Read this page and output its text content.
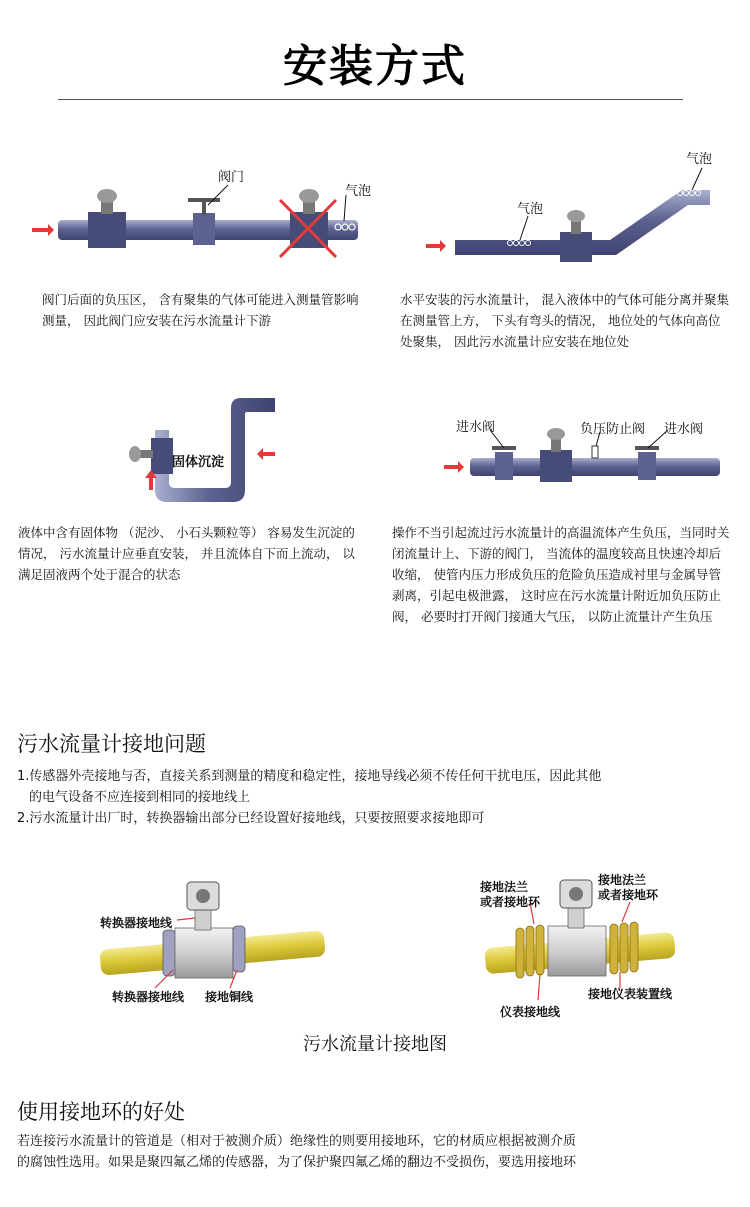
安装方式
阀门
气泡
阀门后面的负压区， 含有聚集的气体可能进入测量管影响测量， 因此阀门应安装在污水流量计下游
气泡
气泡
水平安装的污水流量计， 混入液体中的气体可能分离并聚集在测量管上方， 下头有弯头的情况， 地位处的气体向高位处聚集， 因此污水流量计应安装在地位处
固体沉淀
液体中含有固体物 （泥沙、 小石头颗粒等） 容易发生沉淀的情况， 污水流量计应垂直安装， 并且流体自下而上流动， 以满足固液两个处于混合的状态
进水阀	负压防止阀 进水阀
操作不当引起流过污水流量计的高温流体产生负压，当同时关闭流量计上、下游的阀门， 当流体的温度较高且快速冷却后收缩， 使管内压力形成负压的危险负压造成衬里与金属导管剥离，引起电极泄露， 这时应在污水流量计附近加负压防止阀， 必要时打开阀门接通大气压， 以防止流量计产生负压
污水流量计接地问题
1.传感器外壳接地与否，直接关系到测量的精度和稳定性，接地导线必须不传任何干扰电压，因此其他
的电气设备不应连接到相同的接地线上
2.污水流量计出厂时，转换器输出部分已经设置好接地线，只要按照要求接地即可
转换器接地线
转换器接地线 接地铜线
接地法兰
或者接地环
接地法兰
或者接地环
接地仪表装置线
仪表接地线
污水流量计接地图
使用接地环的好处
若连接污水流量计的管道是（相对于被测介质）绝缘性的则要用接地环，它的材质应根据被测介质
的腐蚀性选用。如果是聚四氟乙烯的传感器，为了保护聚四氟乙烯的翻边不受损伤，要选用接地环
